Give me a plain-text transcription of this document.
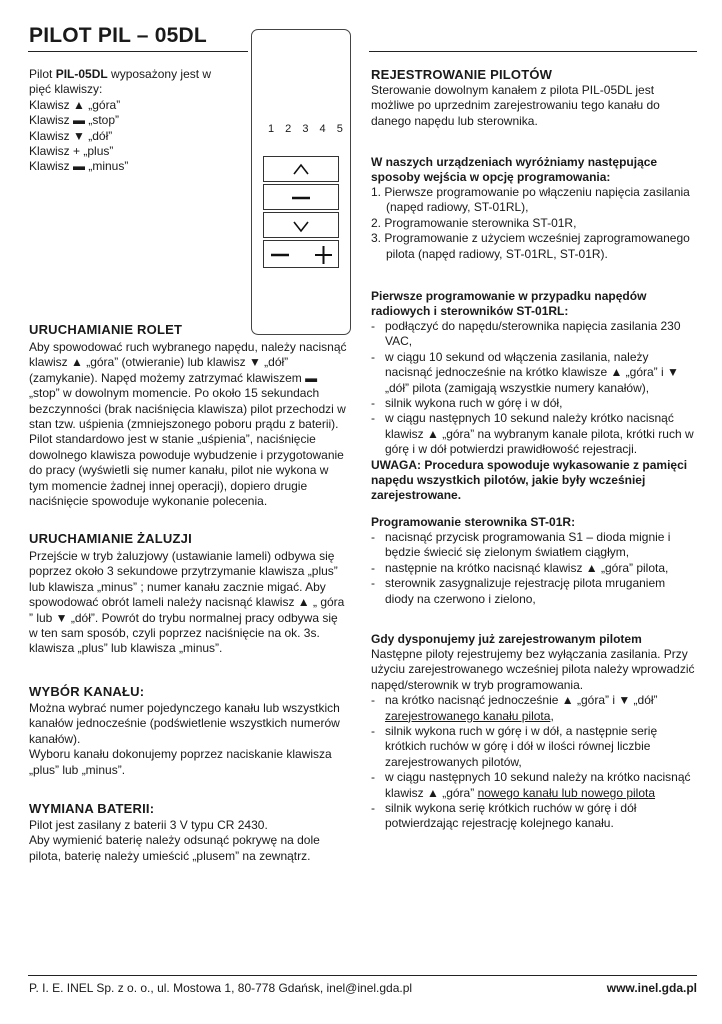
PILOT PIL – 05DL

Pilot PIL-05DL wyposażony jest w pięć klawiszy:

Klawisz ▲ „góra”

Klawisz ▬ „stop”

Klawisz ▼ „dół”

Klawisz + „plus”

Klawisz ▬ „minus”

1 2 3 4 5
URUCHAMIANIE ROLET

Aby spowodować ruch wybranego napędu, należy nacisnąć klawisz ▲ „góra” (otwieranie) lub klawisz ▼ „dół” (zamykanie). Napęd możemy zatrzymać klawiszem ▬ „stop” w dowolnym momencie. Po około 15 sekundach bezczynności (brak naciśnięcia klawisza) pilot przechodzi w stan tzw. uśpienia (zmniejszonego poboru prądu z baterii).

Pilot standardowo jest w stanie „uśpienia”, naciśnięcie dowolnego klawisza powoduje wybudzenie i przygotowanie do pracy (wyświetli się numer kanału, pilot nie wykona w tym momencie żadnej innej operacji), dopiero drugie naciśnięcie spowoduje wykonanie polecenia.

URUCHAMIANIE ŻALUZJI

Przejście w tryb żaluzjowy (ustawianie lameli) odbywa się poprzez około 3 sekundowe przytrzymanie klawisza „plus” lub klawisza „minus” ; numer kanału zacznie migać. Aby spowodować obrót lameli należy nacisnąć klawisz ▲ „ góra ” lub ▼ „dół”. Powrót do trybu normalnej pracy odbywa się w ten sam sposób, czyli poprzez naciśnięcie na ok. 3s. klawisza „plus” lub klawisza „minus”.

WYBÓR KANAŁU:

Można wybrać numer pojedynczego kanału lub wszystkich kanałów jednocześnie (podświetlenie wszystkich numerów kanałów).

Wyboru kanału dokonujemy poprzez naciskanie klawisza „plus” lub „minus”.

WYMIANA BATERII:

Pilot jest zasilany z baterii 3 V typu CR 2430.

Aby wymienić baterię należy odsunąć pokrywę na dole pilota, baterię należy umieścić „plusem” na zewnątrz.

REJESTROWANIE PILOTÓW

Sterowanie dowolnym kanałem z pilota PIL-05DL jest możliwe po uprzednim zarejestrowaniu tego kanału do danego napędu lub sterownika.

W naszych urządzeniach wyróżniamy następujące sposoby wejścia w opcję programowania:

1. Pierwsze programowanie po włączeniu napięcia zasilania (napęd radiowy, ST-01RL),

2. Programowanie sterownika ST-01R,

3. Programowanie z użyciem wcześniej zaprogramowanego pilota (napęd radiowy, ST-01RL, ST-01R).

Pierwsze programowanie w przypadku napędów radiowych i sterowników ST-01RL:
- podłączyć do napędu/sterownika napięcia zasilania 230 VAC,
- w ciągu 10 sekund od włączenia zasilania, należy nacisnąć jednocześnie na krótko klawisze ▲ „góra” i ▼ „dół” pilota (zamigają wszystkie numery kanałów),
- silnik wykona ruch w górę i w dół,
- w ciągu następnych 10 sekund należy krótko nacisnąć klawisz ▲ „góra” na wybranym kanale pilota, krótki ruch w górę i w dół potwierdzi prawidłowość rejestracji.
UWAGA: Procedura spowoduje wykasowanie z pamięci napędu wszystkich pilotów, jakie były wcześniej zarejestrowane.
Programowanie sterownika ST-01R:
- nacisnąć przycisk programowania S1 – dioda mignie i będzie świecić się zielonym światłem ciągłym,
- następnie na krótko nacisnąć klawisz ▲ „góra” pilota,
- sterownik zasygnalizuje rejestrację pilota mruganiem diody na czerwono i zielono,
Gdy dysponujemy już zarejestrowanym pilotem

Następne piloty rejestrujemy bez wyłączania zasilania. Przy użyciu zarejestrowanego wcześniej pilota należy wprowadzić napęd/sterownik w tryb programowania.

- na krótko nacisnąć jednocześnie ▲ „góra” i ▼ „dół” zarejestrowanego kanału pilota,
- silnik wykona ruch w górę i w dół, a następnie serię krótkich ruchów w górę i dół w ilości równej liczbie zarejestrowanych pilotów,
- w ciągu następnych 10 sekund należy na krótko nacisnąć klawisz ▲ „góra” nowego kanału lub nowego pilota
- silnik wykona serię krótkich ruchów w górę i dół potwierdzając rejestrację kolejnego kanału.
P. I. E. INEL Sp. z o. o., ul. Mostowa 1, 80-778 Gdańsk, inel@inel.gda.pl	www.inel.gda.pl
